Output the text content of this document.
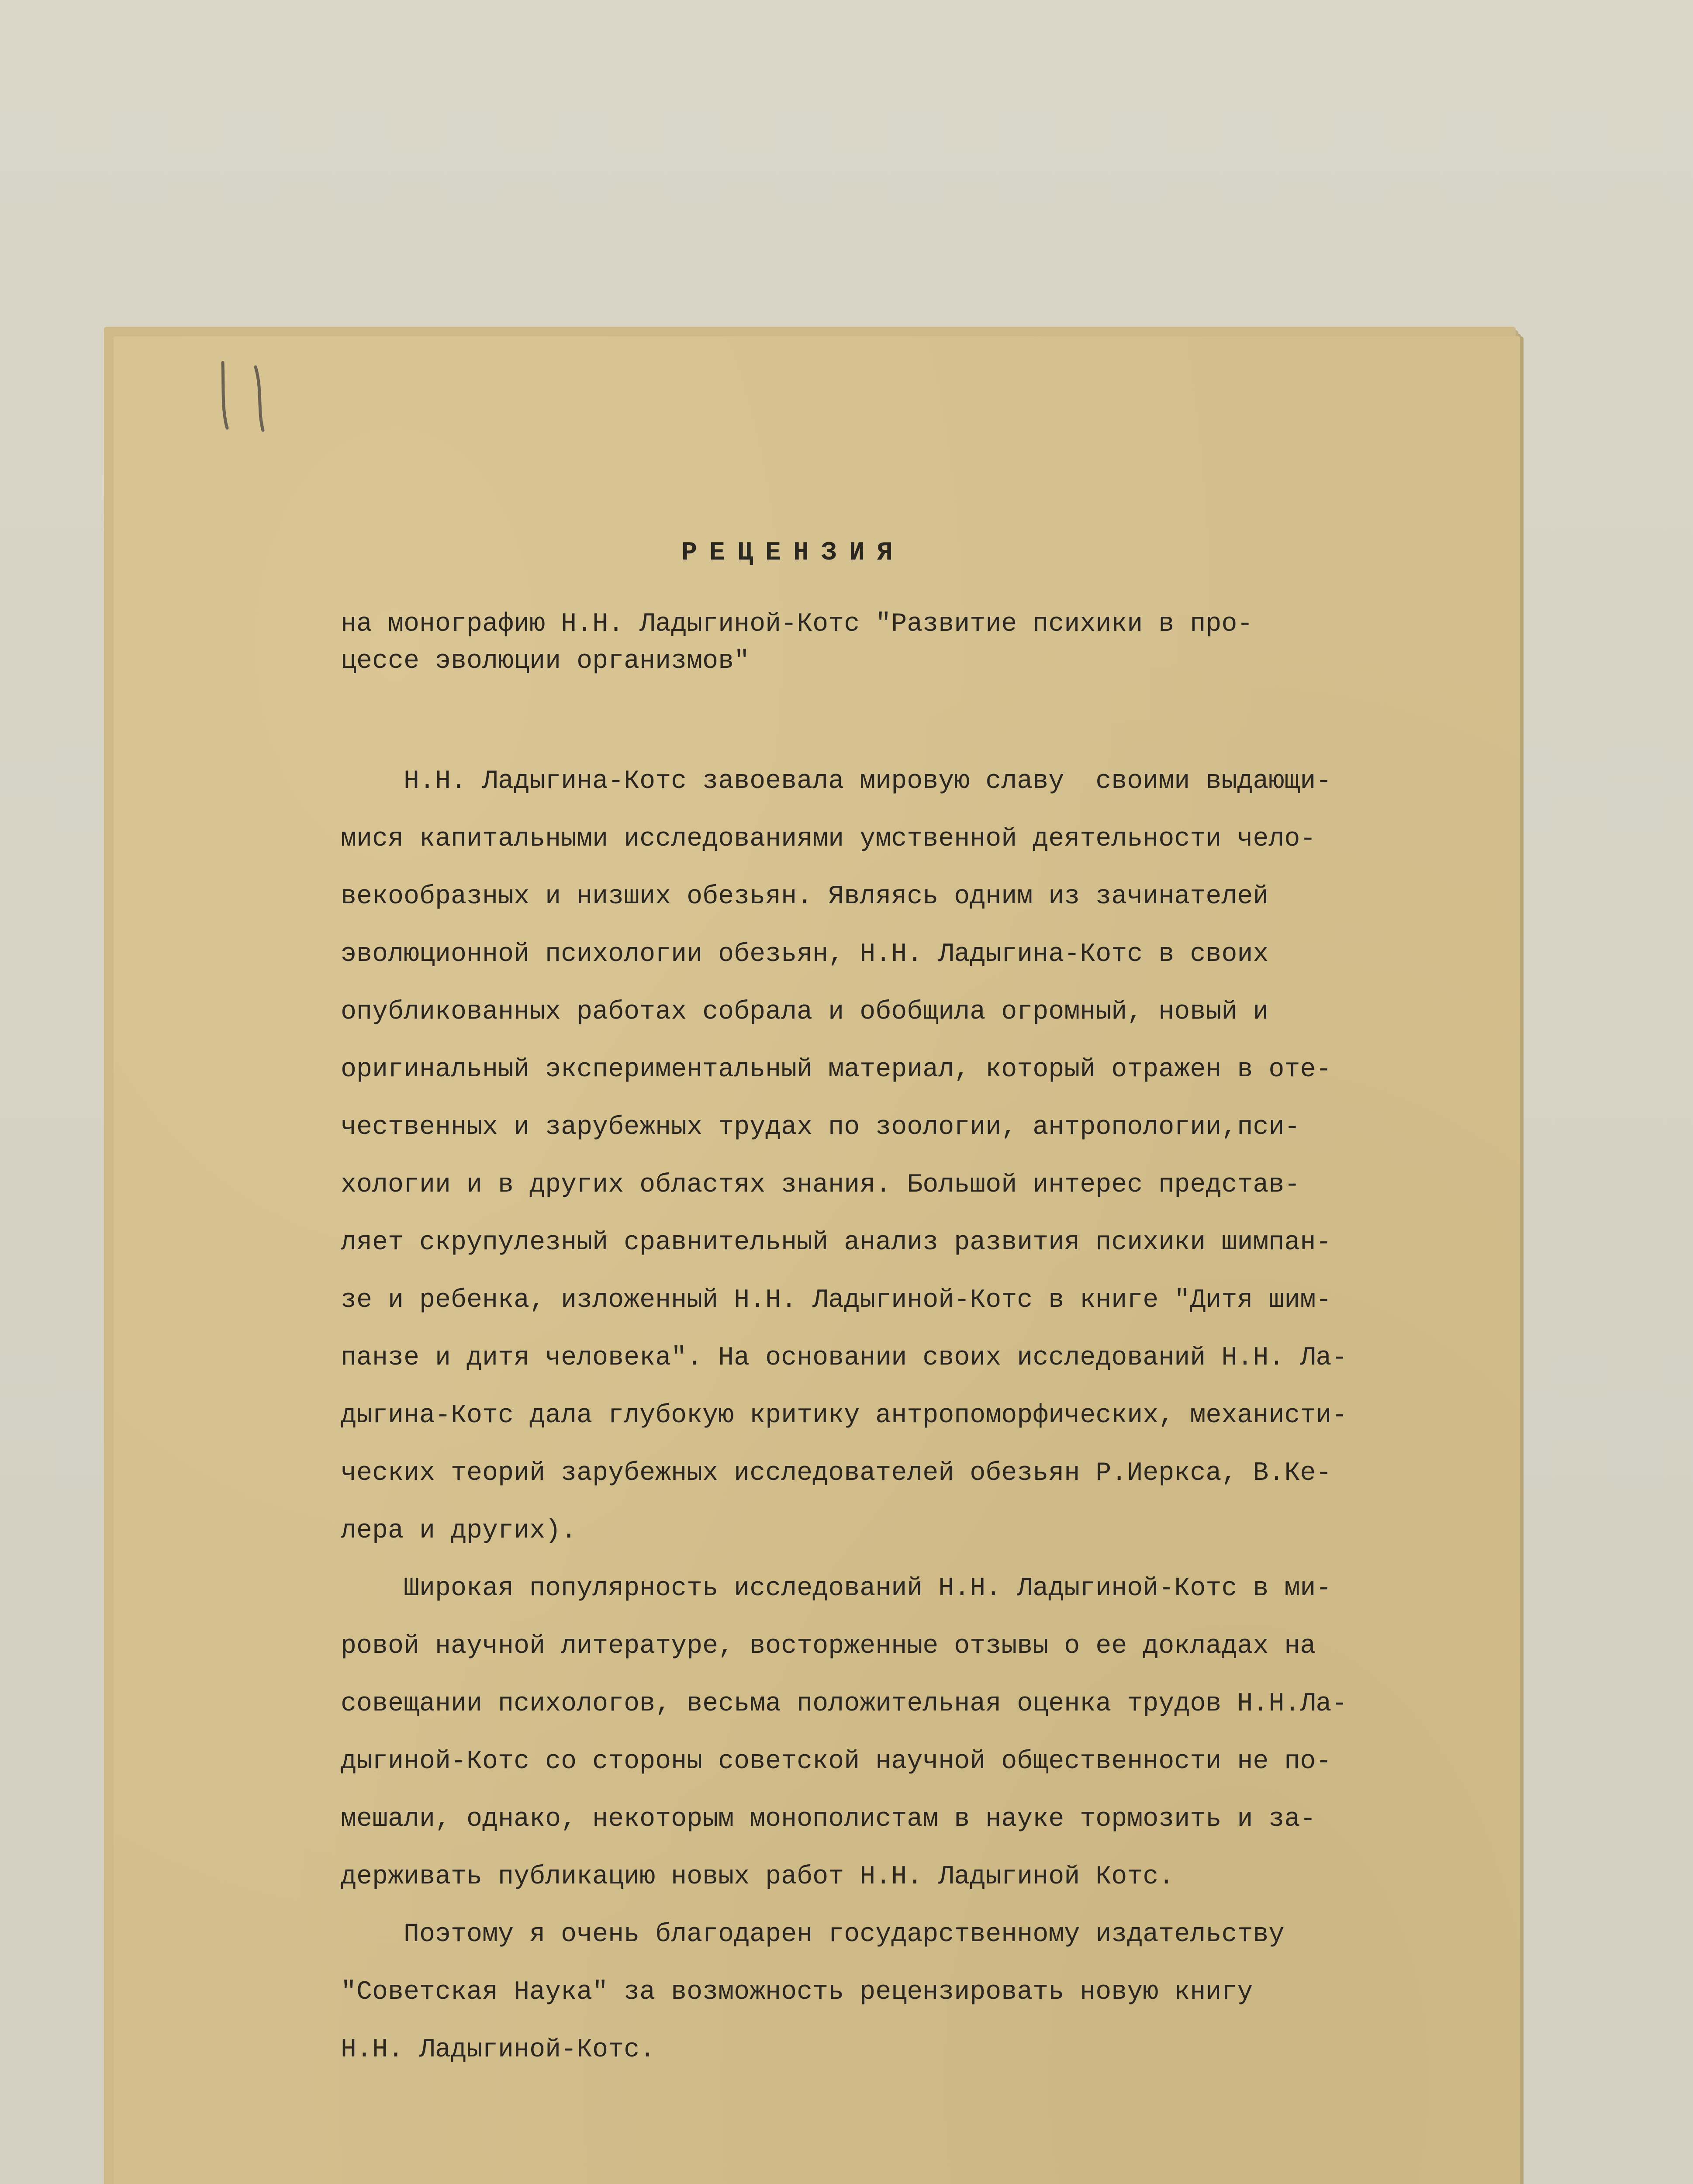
РЕЦЕНЗИЯ
на монографию Н.Н. Ладыгиной-Котс "Развитие психики в про-
цессе эволюции организмов"
Н.Н. Ладыгина-Котс завоевала мировую славу  своими выдающи-
мися капитальными исследованиями умственной деятельности чело-
векообразных и низших обезьян. Являясь одним из зачинателей
эволюционной психологии обезьян, Н.Н. Ладыгина-Котс в своих
опубликованных работах собрала и обобщила огромный, новый и
оригинальный экспериментальный материал, который отражен в оте-
чественных и зарубежных трудах по зоологии, антропологии,пси-
хологии и в других областях знания. Большой интерес представ-
ляет скрупулезный сравнительный анализ развития психики шимпан-
зе и ребенка, изложенный Н.Н. Ладыгиной-Котс в книге "Дитя шим-
панзе и дитя человека". На основании своих исследований Н.Н. Ла-
дыгина-Котс дала глубокую критику антропоморфических, механисти-
ческих теорий зарубежных исследователей обезьян Р.Иеркса, В.Ке-
лера и других).
Широкая популярность исследований Н.Н. Ладыгиной-Котс в ми-
ровой научной литературе, восторженные отзывы о ее докладах на
совещании психологов, весьма положительная оценка трудов Н.Н.Ла-
дыгиной-Котс со стороны советской научной общественности не по-
мешали, однако, некоторым монополистам в науке тормозить и за-
держивать публикацию новых работ Н.Н. Ладыгиной Котс.
Поэтому я очень благодарен государственному издательству
"Советская Наука" за возможность рецензировать новую книгу
Н.Н. Ладыгиной-Котс.
